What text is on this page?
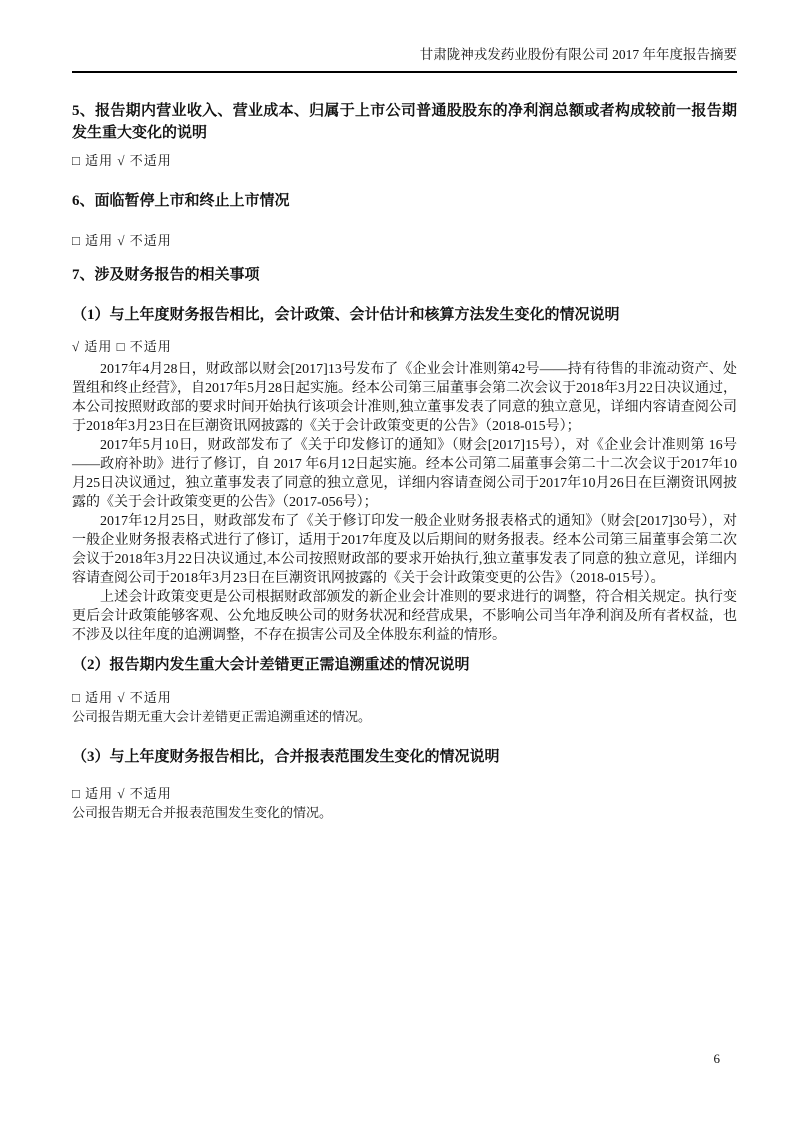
甘肃陇神戎发药业股份有限公司 2017 年年度报告摘要
5、报告期内营业收入、营业成本、归属于上市公司普通股股东的净利润总额或者构成较前一报告期发生重大变化的说明

□ 适用 √ 不适用

6、面临暂停上市和终止上市情况

□ 适用 √ 不适用

7、涉及财务报告的相关事项
（1）与上年度财务报告相比，会计政策、会计估计和核算方法发生变化的情况说明

√ 适用 □ 不适用

2017年4月28日，财政部以财会[2017]13号发布了《企业会计准则第42号——持有待售的非流动资产、处置组和终止经营》，自2017年5月28日起实施。经本公司第三届董事会第二次会议于2018年3月22日决议通过，本公司按照财政部的要求时间开始执行该项会计准则,独立董事发表了同意的独立意见，详细内容请查阅公司于2018年3月23日在巨潮资讯网披露的《关于会计政策变更的公告》（2018-015号）；

2017年5月10日，财政部发布了《关于印发修订的通知》（财会[2017]15号），对《企业会计准则第 16号——政府补助》进行了修订，自 2017 年6月12日起实施。经本公司第二届董事会第二十二次会议于2017年10月25日决议通过，独立董事发表了同意的独立意见，详细内容请查阅公司于2017年10月26日在巨潮资讯网披露的《关于会计政策变更的公告》（2017-056号）；

2017年12月25日，财政部发布了《关于修订印发一般企业财务报表格式的通知》（财会[2017]30号），对一般企业财务报表格式进行了修订，适用于2017年度及以后期间的财务报表。经本公司第三届董事会第二次会议于2018年3月22日决议通过,本公司按照财政部的要求开始执行,独立董事发表了同意的独立意见，详细内容请查阅公司于2018年3月23日在巨潮资讯网披露的《关于会计政策变更的公告》（2018-015号）。

上述会计政策变更是公司根据财政部颁发的新企业会计准则的要求进行的调整，符合相关规定。执行变更后会计政策能够客观、公允地反映公司的财务状况和经营成果，不影响公司当年净利润及所有者权益，也不涉及以往年度的追溯调整，不存在损害公司及全体股东利益的情形。

（2）报告期内发生重大会计差错更正需追溯重述的情况说明

□ 适用 √ 不适用

公司报告期无重大会计差错更正需追溯重述的情况。

（3）与上年度财务报告相比，合并报表范围发生变化的情况说明

□ 适用 √ 不适用

公司报告期无合并报表范围发生变化的情况。

6
